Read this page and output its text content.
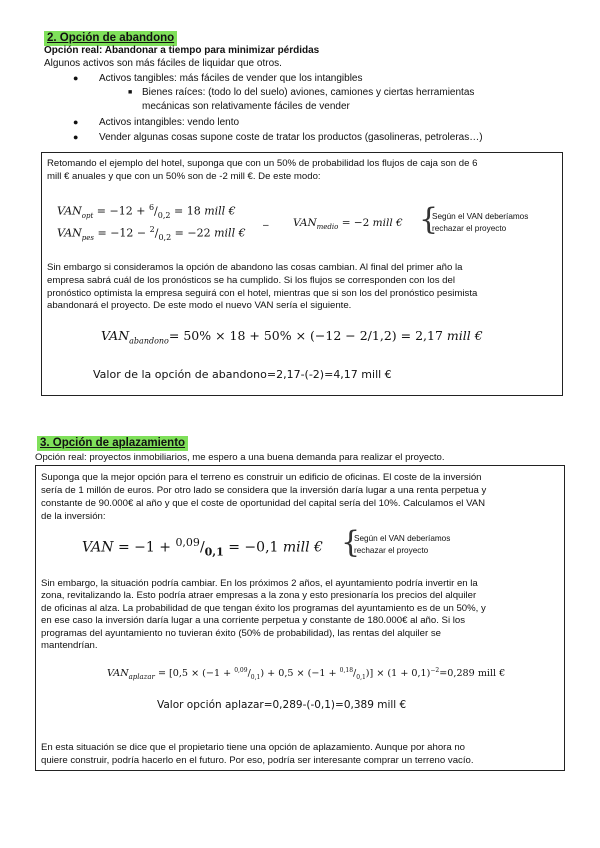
2. Opción de abandono
Opción real: Abandonar a tiempo para minimizar pérdidas
Algunos activos son más fáciles de liquidar que otros.
● Activos tangibles: más fáciles de vender que los intangibles
■ Bienes raíces: (todo lo del suelo) aviones, camiones y ciertas herramientas
mecánicas son relativamente fáciles de vender
● Activos intangibles: vendo lento
● Vender algunas cosas supone coste de tratar los productos (gasolineras, petroleras…)
Retomando el ejemplo del hotel, suponga que con un 50% de probabilidad los flujos de caja son de 6
mill € anuales y que con un 50% son de -2 mill €. De este modo:
$VAN_{opt} = -12 + ^6/_{0,2} = 18$ mill €
$VAN_{pes} = -12 - ^2/_{0,2} = -22$ mill €
– $VAN_{medio} = -2$ mill € {
Según el VAN deberíamos
rechazar el proyecto
Sin embargo si consideramos la opción de abandono las cosas cambian. Al final del primer año la
empresa sabrá cuál de los pronósticos se ha cumplido. Si los flujos se corresponden con los del
pronóstico optimista la empresa seguirá con el hotel, mientras que si son los del pronóstico pesimista
abandonará el proyecto. De este modo el nuevo VAN sería el siguiente.
$VAN_{abandono}= 50\% \times 18 + 50\% \times (-12 - 2/1,2) = 2,17$ mill €
Valor de la opción de abandono=2,17-(-2)=4,17 mill €
3. Opción de aplazamiento
Opción real: proyectos inmobiliarios, me espero a una buena demanda para realizar el proyecto.
Suponga que la mejor opción para el terreno es construir un edificio de oficinas. El coste de la inversión
sería de 1 millón de euros. Por otro lado se considera que la inversión daría lugar a una renta perpetua y
constante de 90.000€ al año y que el coste de oportunidad del capital sería del 10%. Calculamos el VAN
de la inversión:
VAN = $-1 + ^{0,09}/_{0,1} = -0,1$ mill € {
Según el VAN deberíamos
rechazar el proyecto
Sin embargo, la situación podría cambiar. En los próximos 2 años, el ayuntamiento podría invertir en la
zona, revitalizando la. Esto podría atraer empresas a la zona y esto presionaría los precios del alquiler
de oficinas al alza. La probabilidad de que tengan éxito los programas del ayuntamiento es de un 50%, y
en ese caso la inversión daría lugar a una corriente perpetua y constante de 180.000€ al año. Si los
programas del ayuntamiento no tuvieran éxito (50% de probabilidad), las rentas del alquiler se
mantendrían.
$VAN_{aplazar} = [0,5 \times (-1 + ^{0,09}/_{0,1}) + 0,5 \times (-1 + ^{0,18}/_{0,1})] \times (1 + 0,1)^{-2}=0,289$ mill €
Valor opción aplazar=0,289-(-0,1)=0,389 mill €
En esta situación se dice que el propietario tiene una opción de aplazamiento. Aunque por ahora no
quiere construir, podría hacerlo en el futuro. Por eso, podría ser interesante comprar un terreno vacío.
